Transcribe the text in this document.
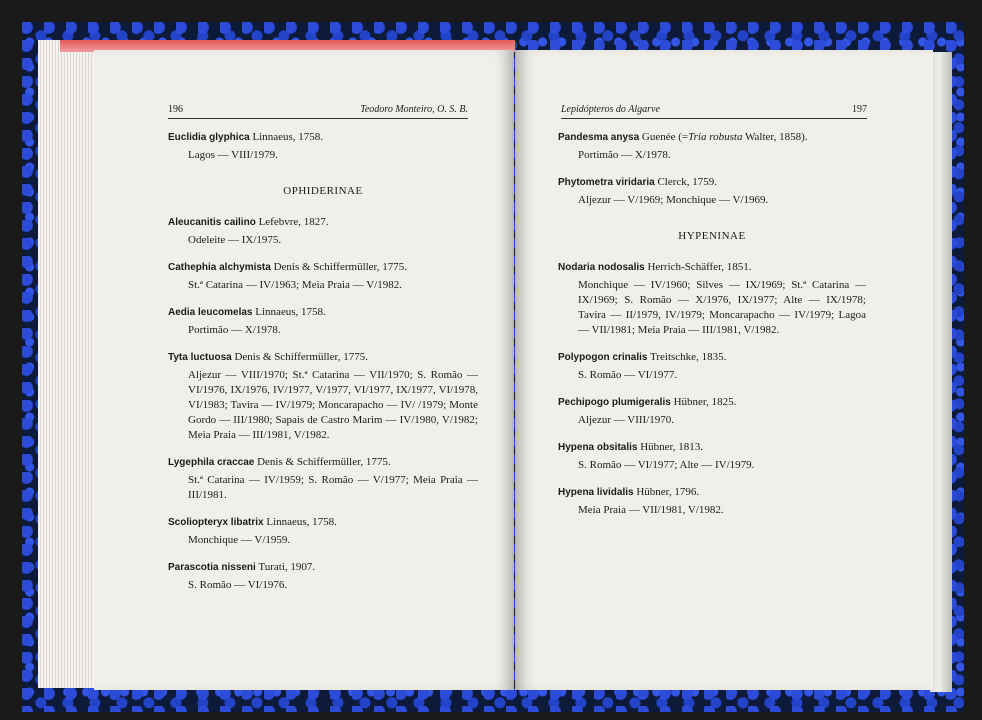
196	Teodoro Monteiro, O. S. B.
Euclidia glyphica Linnaeus, 1758.
Lagos — VIII/1979.
OPHIDERINAE
Aleucanitis cailino Lefebvre, 1827.
Odeleite — IX/1975.
Cathephia alchymista Denis & Schiffermüller, 1775.
St.ª Catarina — IV/1963; Meia Praia — V/1982.
Aedia leucomelas Linnaeus, 1758.
Portimão — X/1978.
Tyta luctuosa Denis & Schiffermüller, 1775.
Aljezur — VIII/1970; St.ª Catarina — VII/1970; S. Romão — VI/1976, IX/1976, IV/1977, V/1977, VI/1977, IX/1977, VI/1978, VI/1983; Tavira — IV/1979; Moncarapacho — IV/ /1979; Monte Gordo — III/1980; Sapais de Castro Marim — IV/1980, V/1982; Meia Praia — III/1981, V/1982.
Lygephila craccae Denis & Schiffermüller, 1775.
St.ª Catarina — IV/1959; S. Romão — V/1977; Meia Praia — III/1981.
Scoliopteryx libatrix Linnaeus, 1758.
Monchique — V/1959.
Parascotia nisseni Turati, 1907.
S. Romão — VI/1976.
Lepidópteros do Algarve	197
Pandesma anysa Guenée (=Tria robusta Walter, 1858).
Portimão — X/1978.
Phytometra viridaria Clerck, 1759.
Aljezur — V/1969; Monchique — V/1969.
HYPENINAE
Nodaria nodosalis Herrich-Schäffer, 1851.
Monchique — IV/1960; Silves — IX/1969; St.ª Catarina — IX/1969; S. Romão — X/1976, IX/1977; Alte — IX/1978; Tavira — II/1979, IV/1979; Moncarapacho — IV/1979; Lagoa — VII/1981; Meia Praia — III/1981, V/1982.
Polypogon crinalis Treitschke, 1835.
S. Romão — VI/1977.
Pechipogo plumigeralis Hübner, 1825.
Aljezur — VIII/1970.
Hypena obsitalis Hübner, 1813.
S. Romão — VI/1977; Alte — IV/1979.
Hypena lividalis Hübner, 1796.
Meia Praia — VII/1981, V/1982.
